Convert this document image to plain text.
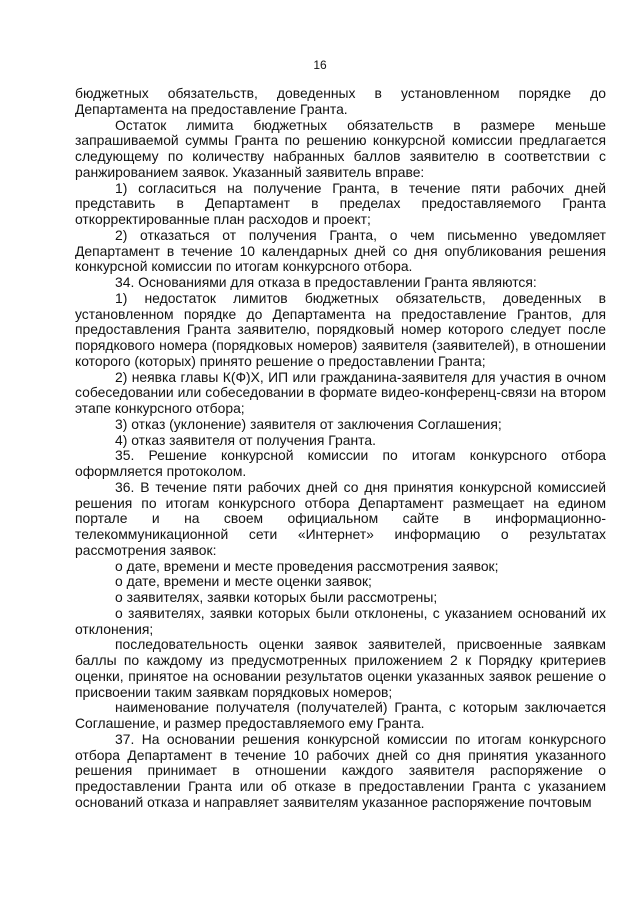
16

бюджетных обязательств, доведенных в установленном порядке до Департамента на предоставление Гранта.

Остаток лимита бюджетных обязательств в размере меньше запрашиваемой суммы Гранта по решению конкурсной комиссии предлагается следующему по количеству набранных баллов заявителю в соответствии с ранжированием заявок. Указанный заявитель вправе:

1) согласиться на получение Гранта, в течение пяти рабочих дней представить в Департамент в пределах предоставляемого Гранта откорректированные план расходов и проект;

2) отказаться от получения Гранта, о чем письменно уведомляет Департамент в течение 10 календарных дней со дня опубликования решения конкурсной комиссии по итогам конкурсного отбора.

34. Основаниями для отказа в предоставлении Гранта являются:

1) недостаток лимитов бюджетных обязательств, доведенных в установленном порядке до Департамента на предоставление Грантов, для предоставления Гранта заявителю, порядковый номер которого следует после порядкового номера (порядковых номеров) заявителя (заявителей), в отношении которого (которых) принято решение о предоставлении Гранта;

2) неявка главы К(Ф)Х, ИП или гражданина-заявителя для участия в очном собеседовании или собеседовании в формате видео-конференц-связи на втором этапе конкурсного отбора;

3) отказ (уклонение) заявителя от заключения Соглашения;

4) отказ заявителя от получения Гранта.

35. Решение конкурсной комиссии по итогам конкурсного отбора оформляется протоколом.

36. В течение пяти рабочих дней со дня принятия конкурсной комиссией решения по итогам конкурсного отбора Департамент размещает на едином портале и на своем официальном сайте в информационно-телекоммуникационной сети «Интернет» информацию о результатах рассмотрения заявок:

о дате, времени и месте проведения рассмотрения заявок;

о дате, времени и месте оценки заявок;

о заявителях, заявки которых были рассмотрены;

о заявителях, заявки которых были отклонены, с указанием оснований их отклонения;

последовательность оценки заявок заявителей, присвоенные заявкам баллы по каждому из предусмотренных приложением 2 к Порядку критериев оценки, принятое на основании результатов оценки указанных заявок решение о присвоении таким заявкам порядковых номеров;

наименование получателя (получателей) Гранта, с которым заключается Соглашение, и размер предоставляемого ему Гранта.

37. На основании решения конкурсной комиссии по итогам конкурсного отбора Департамент в течение 10 рабочих дней со дня принятия указанного решения принимает в отношении каждого заявителя распоряжение о предоставлении Гранта или об отказе в предоставлении Гранта с указанием оснований отказа и направляет заявителям указанное распоряжение почтовым
